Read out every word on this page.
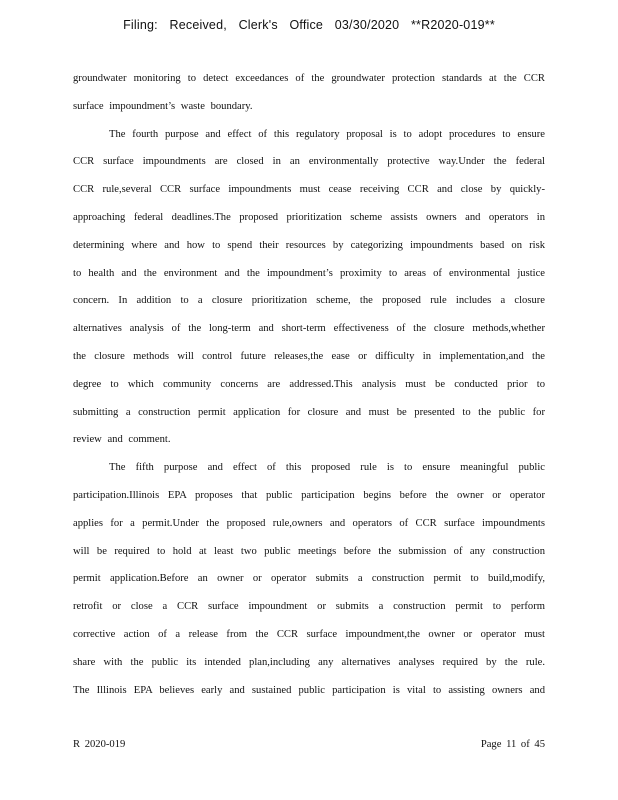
Filing: Received, Clerk's Office 03/30/2020 **R2020-019**
groundwater monitoring to detect exceedances of the groundwater protection standards at the CCR
surface impoundment’s waste boundary.
The fourth purpose and effect of this regulatory proposal is to adopt procedures to ensure
CCR surface impoundments are closed in an environmentally protective way.Under the federal
CCR rule,several CCR surface impoundments must cease receiving CCR and close by quickly-
approaching federal deadlines.The proposed prioritization scheme assists owners and operators in
determining where and how to spend their resources by categorizing impoundments based on risk
to health and the environment and the impoundment’s proximity to areas of environmental justice
concern. In addition to a closure prioritization scheme, the proposed rule includes a closure
alternatives analysis of the long-term and short-term effectiveness of the closure methods,whether
the closure methods will control future releases,the ease or difficulty in implementation,and the
degree to which community concerns are addressed.This analysis must be conducted prior to
submitting a construction permit application for closure and must be presented to the public for
review and comment.
The fifth purpose and effect of this proposed rule is to ensure meaningful public
participation.Illinois EPA proposes that public participation begins before the owner or operator
applies for a permit.Under the proposed rule,owners and operators of CCR surface impoundments
will be required to hold at least two public meetings before the submission of any construction
permit application.Before an owner or operator submits a construction permit to build,modify,
retrofit or close a CCR surface impoundment or submits a construction permit to perform
corrective action of a release from the CCR surface impoundment,the owner or operator must
share with the public its intended plan,including any alternatives analyses required by the rule.
The Illinois EPA believes early and sustained public participation is vital to assisting owners and
R 2020-019	Page 11 of 45
